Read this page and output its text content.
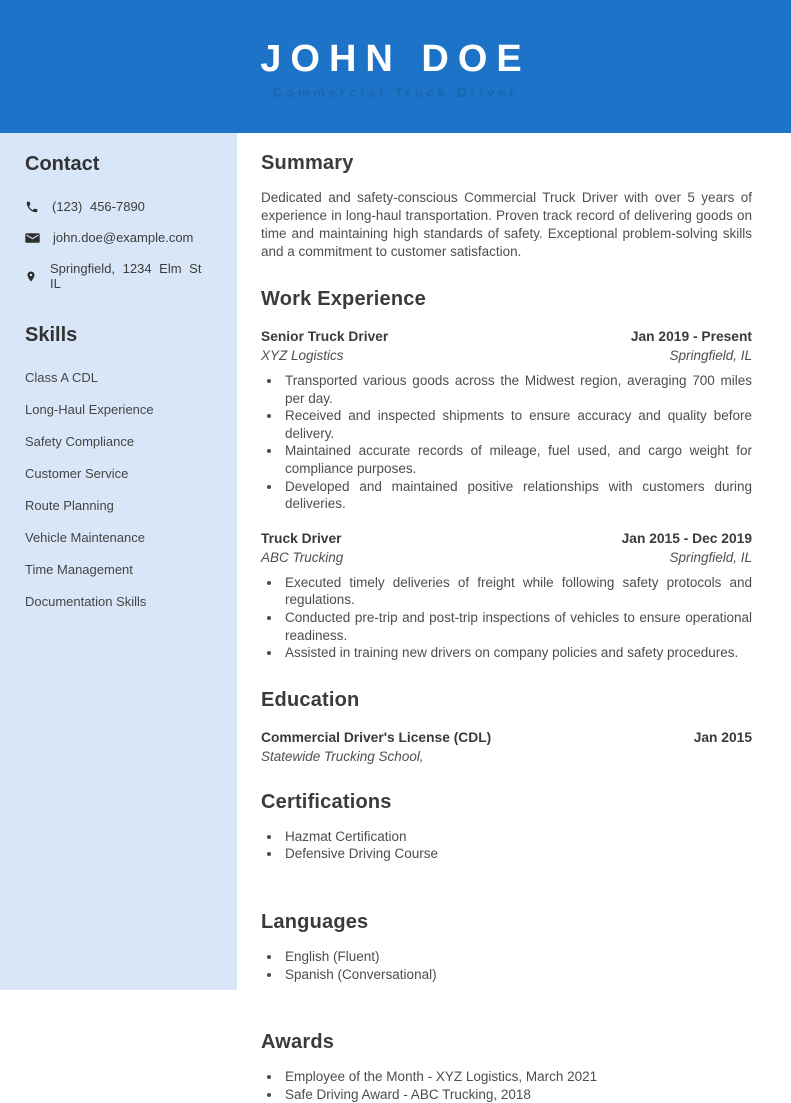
JOHN DOE
Commercial Truck Driver
Contact
(123) 456-7890
john.doe@example.com
Springfield, 1234 Elm St IL
Skills
Class A CDL
Long-Haul Experience
Safety Compliance
Customer Service
Route Planning
Vehicle Maintenance
Time Management
Documentation Skills
Summary

Dedicated and safety-conscious Commercial Truck Driver with over 5 years of experience in long-haul transportation. Proven track record of delivering goods on time and maintaining high standards of safety. Exceptional problem-solving skills and a commitment to customer satisfaction.

Work Experience
Senior Truck Driver	Jan 2019 - Present
XYZ Logistics	Springfield, IL
• Transported various goods across the Midwest region, averaging 700 miles per day.
• Received and inspected shipments to ensure accuracy and quality before delivery.
• Maintained accurate records of mileage, fuel used, and cargo weight for compliance purposes.
• Developed and maintained positive relationships with customers during deliveries.
Truck Driver	Jan 2015 - Dec 2019
ABC Trucking	Springfield, IL
• Executed timely deliveries of freight while following safety protocols and regulations.
• Conducted pre-trip and post-trip inspections of vehicles to ensure operational readiness.
• Assisted in training new drivers on company policies and safety procedures.
Education
Commercial Driver's License (CDL)	Jan 2015
Statewide Trucking School,
Certifications
• Hazmat Certification
• Defensive Driving Course
Languages
• English (Fluent)
• Spanish (Conversational)
Awards
• Employee of the Month - XYZ Logistics, March 2021
• Safe Driving Award - ABC Trucking, 2018
